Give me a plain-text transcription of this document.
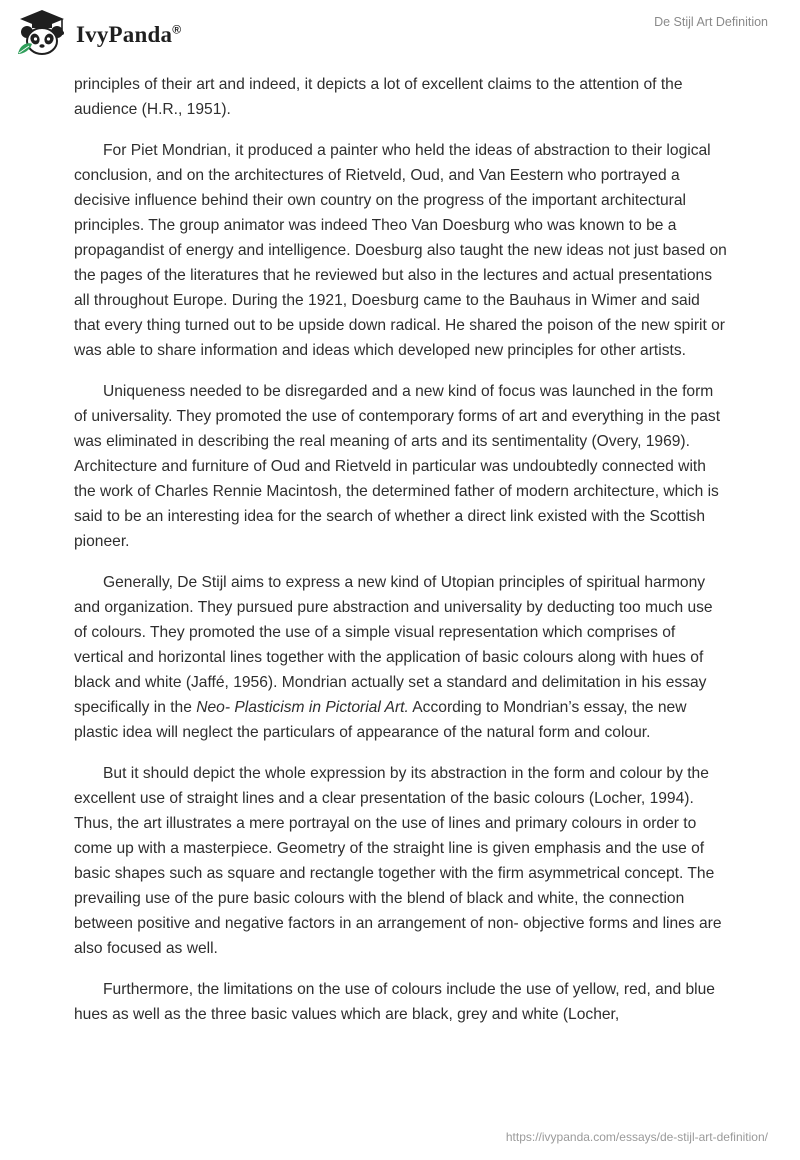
IvyPanda®
De Stijl Art Definition

principles of their art and indeed, it depicts a lot of excellent claims to the attention of the audience (H.R., 1951).

For Piet Mondrian, it produced a painter who held the ideas of abstraction to their logical conclusion, and on the architectures of Rietveld, Oud, and Van Eestern who portrayed a decisive influence behind their own country on the progress of the important architectural principles. The group animator was indeed Theo Van Doesburg who was known to be a propagandist of energy and intelligence. Doesburg also taught the new ideas not just based on the pages of the literatures that he reviewed but also in the lectures and actual presentations all throughout Europe. During the 1921, Doesburg came to the Bauhaus in Wimer and said that every thing turned out to be upside down radical. He shared the poison of the new spirit or was able to share information and ideas which developed new principles for other artists.

Uniqueness needed to be disregarded and a new kind of focus was launched in the form of universality. They promoted the use of contemporary forms of art and everything in the past was eliminated in describing the real meaning of arts and its sentimentality (Overy, 1969). Architecture and furniture of Oud and Rietveld in particular was undoubtedly connected with the work of Charles Rennie Macintosh, the determined father of modern architecture, which is said to be an interesting idea for the search of whether a direct link existed with the Scottish pioneer.

Generally, De Stijl aims to express a new kind of Utopian principles of spiritual harmony and organization. They pursued pure abstraction and universality by deducting too much use of colours. They promoted the use of a simple visual representation which comprises of vertical and horizontal lines together with the application of basic colours along with hues of black and white (Jaffé, 1956). Mondrian actually set a standard and delimitation in his essay specifically in the Neo- Plasticism in Pictorial Art. According to Mondrian’s essay, the new plastic idea will neglect the particulars of appearance of the natural form and colour.

But it should depict the whole expression by its abstraction in the form and colour by the excellent use of straight lines and a clear presentation of the basic colours (Locher, 1994). Thus, the art illustrates a mere portrayal on the use of lines and primary colours in order to come up with a masterpiece. Geometry of the straight line is given emphasis and the use of basic shapes such as square and rectangle together with the firm asymmetrical concept. The prevailing use of the pure basic colours with the blend of black and white, the connection between positive and negative factors in an arrangement of non- objective forms and lines are also focused as well.

Furthermore, the limitations on the use of colours include the use of yellow, red, and blue hues as well as the three basic values which are black, grey and white (Locher,

https://ivypanda.com/essays/de-stijl-art-definition/
